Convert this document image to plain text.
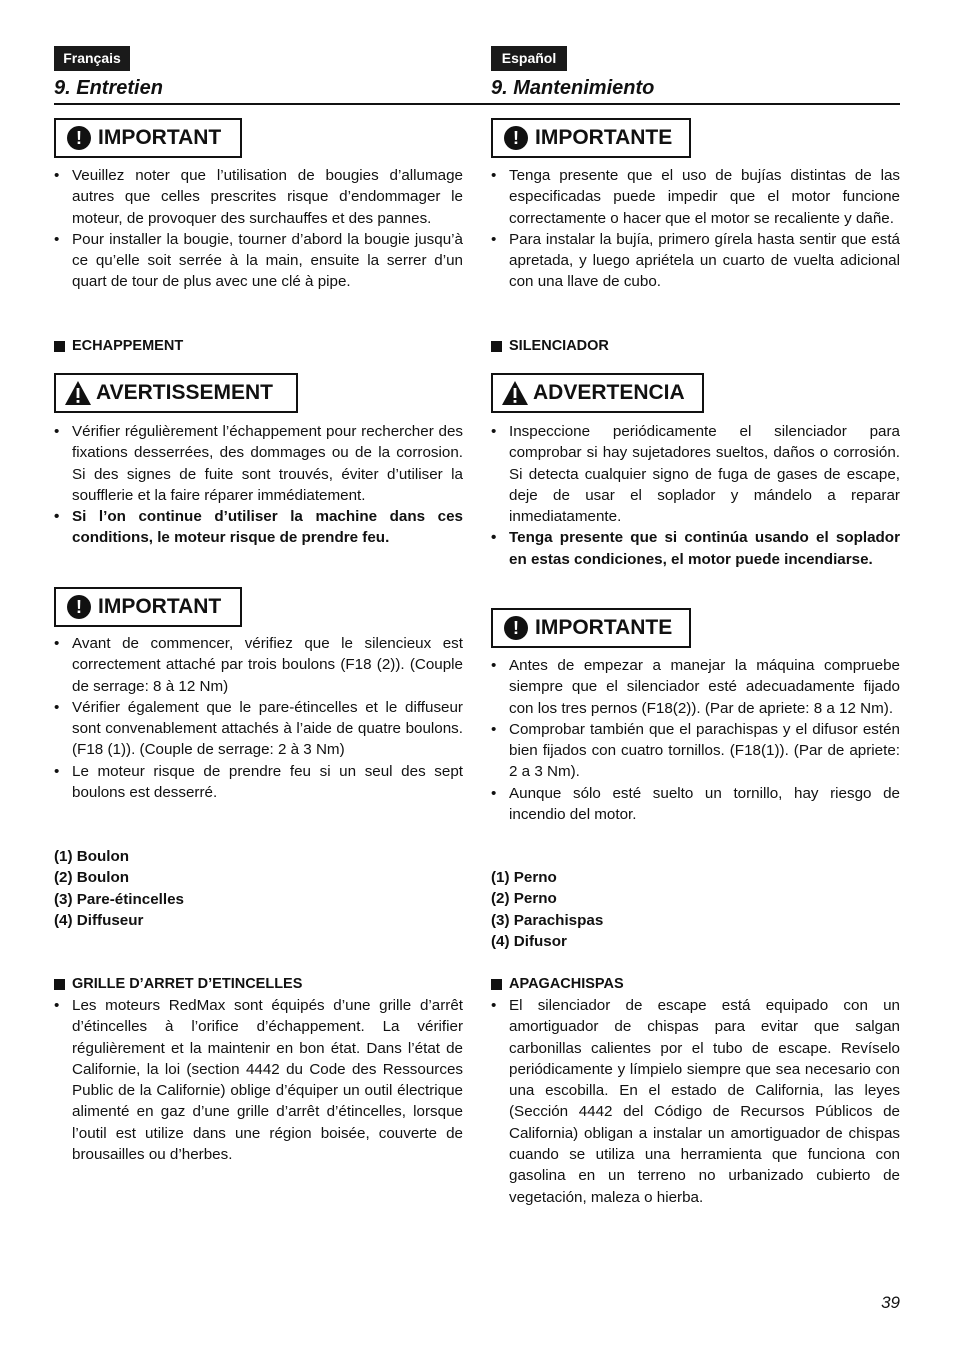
Français
9. Entretien
! IMPORTANT
• Veuillez noter que l’utilisation de bougies d’allumage autres que celles prescrites risque d’endommager le moteur, de provoquer des surchauffes et des pannes.
• Pour installer la bougie, tourner d’abord la bougie jusqu’à ce qu’elle soit serrée à la main, ensuite la serrer d’un quart de tour de plus avec une clé à pipe.
ECHAPPEMENT
AVERTISSEMENT
• Vérifier régulièrement l’échappement pour rechercher des fixations desserrées, des dommages ou de la corrosion. Si des signes de fuite sont trouvés, éviter d’utiliser la soufflerie et la faire réparer immédiatement.
• Si l’on continue d’utiliser la machine dans ces conditions, le moteur risque de prendre feu.
! IMPORTANT
• Avant de commencer, vérifiez que le silencieux est correctement attaché par trois boulons (F18 (2)). (Couple de serrage: 8 à 12 Nm)
• Vérifier également que le pare-étincelles et le diffuseur sont convenablement attachés à l’aide de quatre boulons. (F18 (1)). (Couple de serrage: 2 à 3 Nm)
• Le moteur risque de prendre feu si un seul des sept boulons est desserré.
(1) Boulon
(2) Boulon
(3) Pare-étincelles
(4) Diffuseur
GRILLE D’ARRET D’ETINCELLES
• Les moteurs RedMax sont équipés d’une grille d’arrêt d’étincelles à l’orifice d’échappement. La vérifier régulièrement et la maintenir en bon état. Dans l’état de Californie, la loi (section 4442 du Code des Ressources Public de la Californie) oblige d’équiper un outil électrique alimenté en gaz d’une grille d’arrêt d’étincelles, lorsque l’outil est utilize dans une région boisée, couverte de brousailles ou d’herbes.
Español
9. Mantenimiento
! IMPORTANTE
• Tenga presente que el uso de bujías distintas de las especificadas puede impedir que el motor funcione correctamente o hacer que el motor se recaliente y dañe.
• Para instalar la bujía, primero gírela hasta sentir que está apretada, y luego apriétela un cuarto de vuelta adicional con una llave de cubo.
SILENCIADOR
ADVERTENCIA
• Inspeccione periódicamente el silenciador para comprobar si hay sujetadores sueltos, daños o corrosión. Si detecta cualquier signo de fuga de gases de escape, deje de usar el soplador y mándelo a reparar inmediatamente.
• Tenga presente que si continúa usando el soplador en estas condiciones, el motor puede incendiarse.
! IMPORTANTE
• Antes de empezar a manejar la máquina compruebe siempre que el silenciador esté adecuadamente fijado con los tres pernos (F18(2)). (Par de apriete: 8 a 12 Nm).
• Comprobar también que el parachispas y el difusor estén bien fijados con cuatro tornillos. (F18(1)). (Par de apriete: 2 a 3 Nm).
• Aunque sólo esté suelto un tornillo, hay riesgo de incendio del motor.
(1) Perno
(2) Perno
(3) Parachispas
(4) Difusor
APAGACHISPAS
• El silenciador de escape está equipado con un amortiguador de chispas para evitar que salgan carbonillas calientes por el tubo de escape. Revíselo periódicamente y límpielo siempre que sea necesario con una escobilla. En el estado de California, las leyes (Sección 4442 del Código de Recursos Públicos de California) obligan a instalar un amortiguador de chispas cuando se utiliza una herramienta que funciona con gasolina en un terreno no urbanizado cubierto de vegetación, maleza o hierba.
39
